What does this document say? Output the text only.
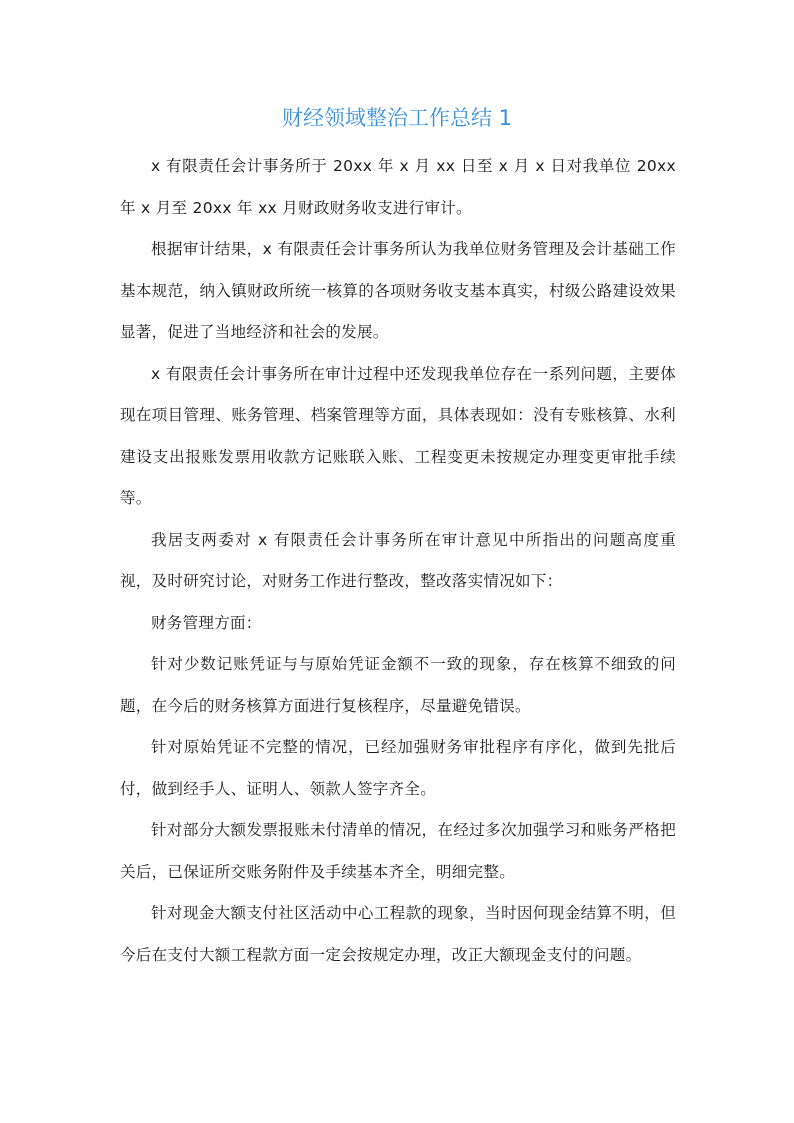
财经领域整治工作总结 1

x 有限责任会计事务所于 20xx 年 x 月 xx 日至 x 月 x 日对我单位 20xx 年 x 月至 20xx 年 xx 月财政财务收支进行审计。

根据审计结果，x 有限责任会计事务所认为我单位财务管理及会计基础工作基本规范，纳入镇财政所统一核算的各项财务收支基本真实，村级公路建设效果显著，促进了当地经济和社会的发展。

x 有限责任会计事务所在审计过程中还发现我单位存在一系列问题，主要体现在项目管理、账务管理、档案管理等方面，具体表现如：没有专账核算、水利建设支出报账发票用收款方记账联入账、工程变更未按规定办理变更审批手续等。

我居支两委对 x 有限责任会计事务所在审计意见中所指出的问题高度重视，及时研究讨论，对财务工作进行整改，整改落实情况如下：

财务管理方面：

针对少数记账凭证与与原始凭证金额不一致的现象，存在核算不细致的问题，在今后的财务核算方面进行复核程序，尽量避免错误。

针对原始凭证不完整的情况，已经加强财务审批程序有序化，做到先批后付，做到经手人、证明人、领款人签字齐全。

针对部分大额发票报账未付清单的情况，在经过多次加强学习和账务严格把关后，已保证所交账务附件及手续基本齐全，明细完整。

针对现金大额支付社区活动中心工程款的现象，当时因何现金结算不明，但今后在支付大额工程款方面一定会按规定办理，改正大额现金支付的问题。
